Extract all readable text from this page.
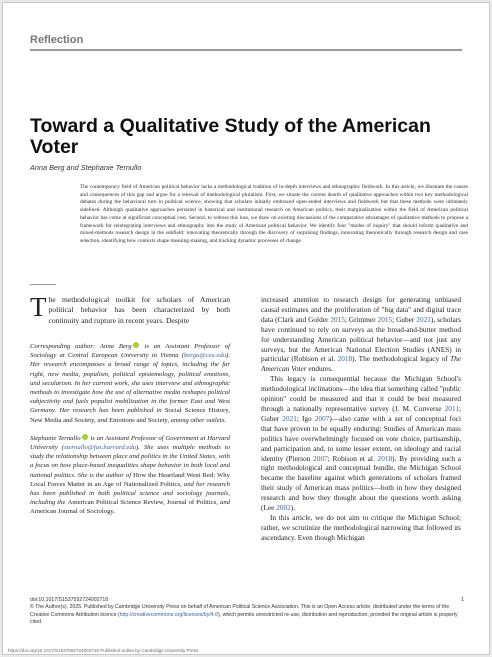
Reflection
Toward a Qualitative Study of the American Voter
Anna Berg and Stephanie Ternullo

The contemporary field of American political behavior lacks a methodological tradition of in-depth interviews and ethnographic fieldwork. In this article, we illustrate the causes and consequences of this gap and argue for a renewal of methodological pluralism. First, we situate the current dearth of qualitative approaches within two key methodological debates during the behavioral turn in political science, showing that scholars initially embraced open-ended interviews and fieldwork but that these methods were ultimately sidelined. Although qualitative approaches persisted in historical and institutional research on American politics, their marginalization within the field of American political behavior has come at significant conceptual cost. Second, to redress this loss, we draw on existing discussions of the comparative advantages of qualitative methods to propose a framework for reintegrating interviews and ethnography into the study of American political behavior. We identify four "modes of inquiry" that should inform qualitative and mixed-methods research design in the subfield: innovating theoretically through the discovery of surprising findings, innovating theoretically through research design and case selection, identifying how contexts shape meaning-making, and tracking dynamic processes of change.

The methodological toolkit for scholars of American political behavior has been characterized by both continuity and rupture in recent years. Despite

Corresponding author: Anna Berg is an Assistant Professor of Sociology at Central European University in Vienna (berga@ceu.edu). Her research encompasses a broad range of topics, including the far right, new media, populism, political epistemology, political emotions, and secularism. In her current work, she uses interview and ethnographic methods to investigate how the use of alternative media reshapes political subjectivity and fuels populist mobilization in the former East and West Germany. Her research has been published in Social Science History, New Media and Society, and Emotions and Society, among other outlets.

Stephanie Ternullo is an Assistant Professor of Government at Harvard University (sternullo@fas.harvard.edu). She uses multiple methods to study the relationship between place and politics in the United States, with a focus on how place-based inequalities shape behavior in both local and national politics. She is the author of How the Heartland Went Red: Why Local Forces Matter in an Age of Nationalized Politics, and her research has been published in both political science and sociology journals, including the American Political Science Review, Journal of Politics, and American Journal of Sociology.

increased attention to research design for generating unbiased causal estimates and the proliferation of "big data" and digital trace data (Clark and Golder 2015; Grimmer 2015; Guber 2021), scholars have continued to rely on surveys as the bread-and-butter method for understanding American political behavior—and not just any surveys, but the American National Election Studies (ANES) in particular (Robison et al. 2018). The methodological legacy of The American Voter endures.

This legacy is consequential because the Michigan School's methodological inclinations—the idea that something called "public opinion" could be measured and that it could be best measured through a nationally representative survey (J. M. Converse 2011; Guber 2021; Igo 2007)—also came with a set of conceptual foci that have proven to be equally enduring: Studies of American mass politics have overwhelmingly focused on vote choice, partisanship, and participation and, to some lesser extent, on ideology and racial identity (Pierson 2007; Robison et al. 2018). By providing such a tight methodological and conceptual bundle, the Michigan School became the baseline against which generations of scholars framed their study of American mass politics—both in how they designed research and how they thought about the questions worth asking (Lee 2002).

In this article, we do not aim to critique the Michigan School; rather, we scrutinize the methodological narrowing that followed its ascendancy. Even though Michigan

doi:10.1017/S1537592724002718	1

© The Author(s), 2025. Published by Cambridge University Press on behalf of American Political Science Association. This is an Open Access article, distributed under the terms of the Creative Commons Attribution licence (http://creativecommons.org/licenses/by/4.0), which permits unrestricted re-use, distribution and reproduction, provided the original article is properly cited.

https://doi.org/10.1017/S1537592724002718 Published online by Cambridge University Press
